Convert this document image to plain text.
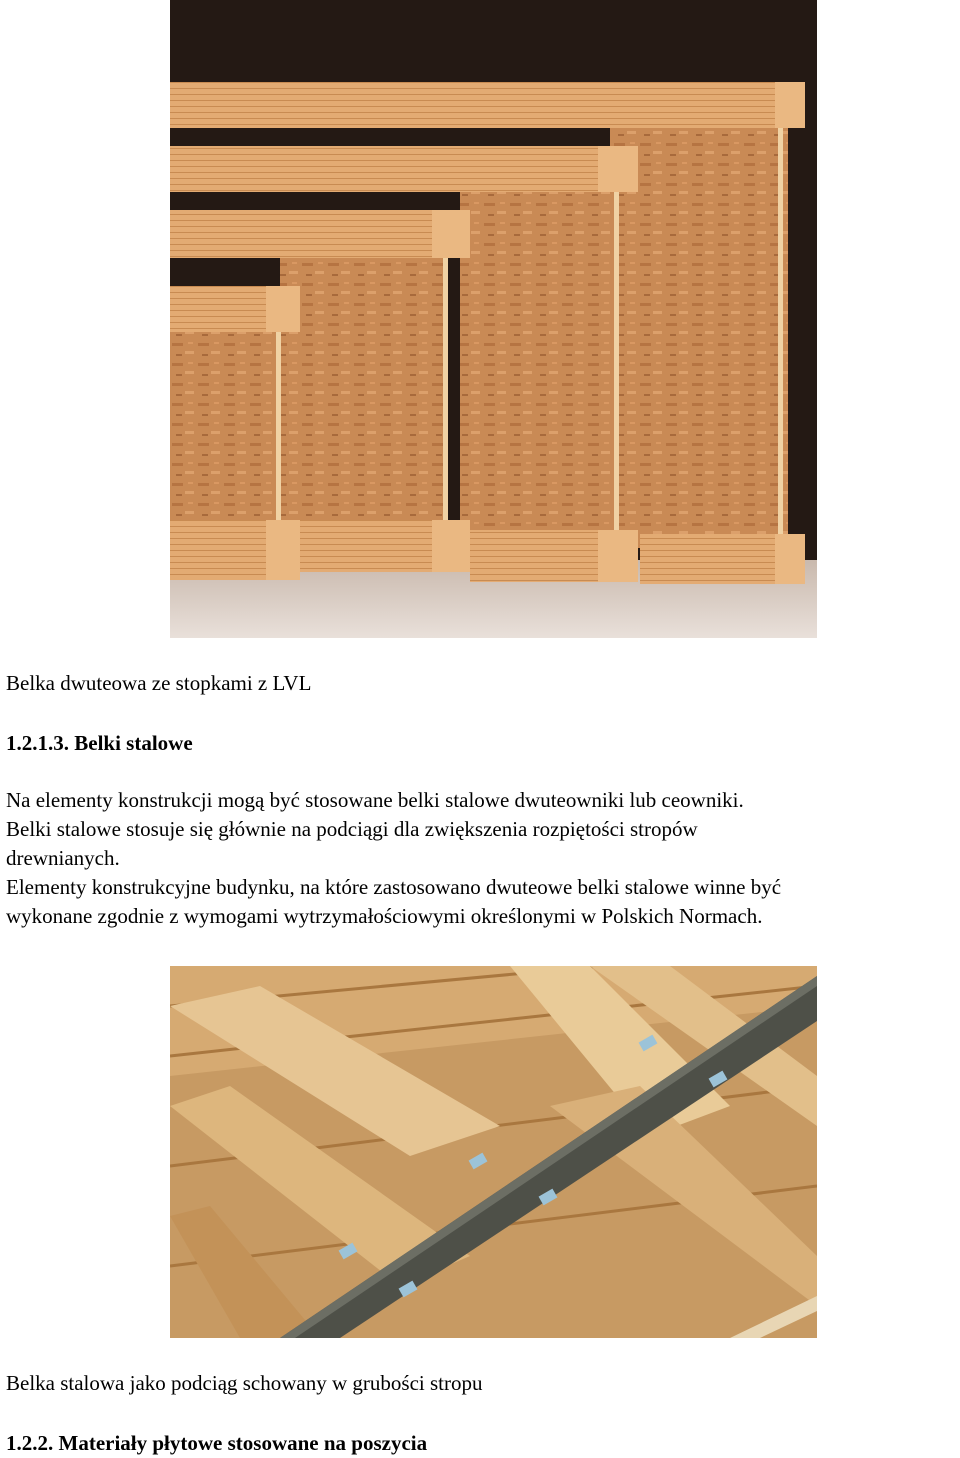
Belka dwuteowa ze stopkami z LVL
1.2.1.3. Belki stalowe
Na elementy konstrukcji mogą być stosowane belki stalowe dwuteowniki lub ceowniki.
Belki stalowe stosuje się głównie na podciągi dla zwiększenia rozpiętości stropów
drewnianych.
Elementy konstrukcyjne budynku, na które zastosowano dwuteowe belki stalowe winne być
wykonane zgodnie z wymogami wytrzymałościowymi określonymi w Polskich Normach.
Belka stalowa jako podciąg schowany w grubości stropu
1.2.2. Materiały płytowe stosowane na poszycia
